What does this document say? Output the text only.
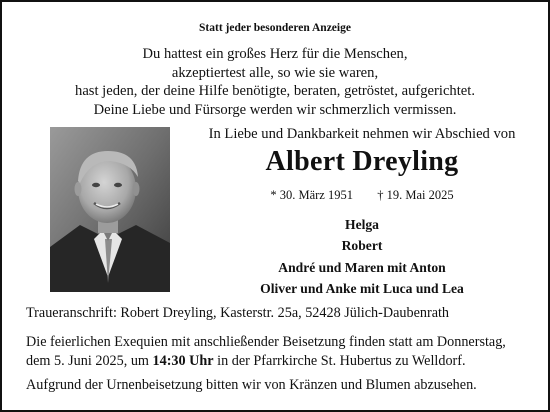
Statt jeder besonderen Anzeige
Du hattest ein großes Herz für die Menschen,
akzeptiertest alle, so wie sie waren,
hast jeden, der deine Hilfe benötigte, beraten, getröstet, aufgerichtet.
Deine Liebe und Fürsorge werden wir schmerzlich vermissen.
In Liebe und Dankbarkeit nehmen wir Abschied von
Albert Dreyling
* 30. März 1951 † 19. Mai 2025
Helga
Robert
André und Maren mit Anton
Oliver und Anke mit Luca und Lea
Traueranschrift: Robert Dreyling, Kasterstr. 25a, 52428 Jülich-Daubenrath
Die feierlichen Exequien mit anschließender Beisetzung finden statt am Donnerstag,
dem 5. Juni 2025, um 14:30 Uhr in der Pfarrkirche St. Hubertus zu Welldorf.
Aufgrund der Urnenbeisetzung bitten wir von Kränzen und Blumen abzusehen.
